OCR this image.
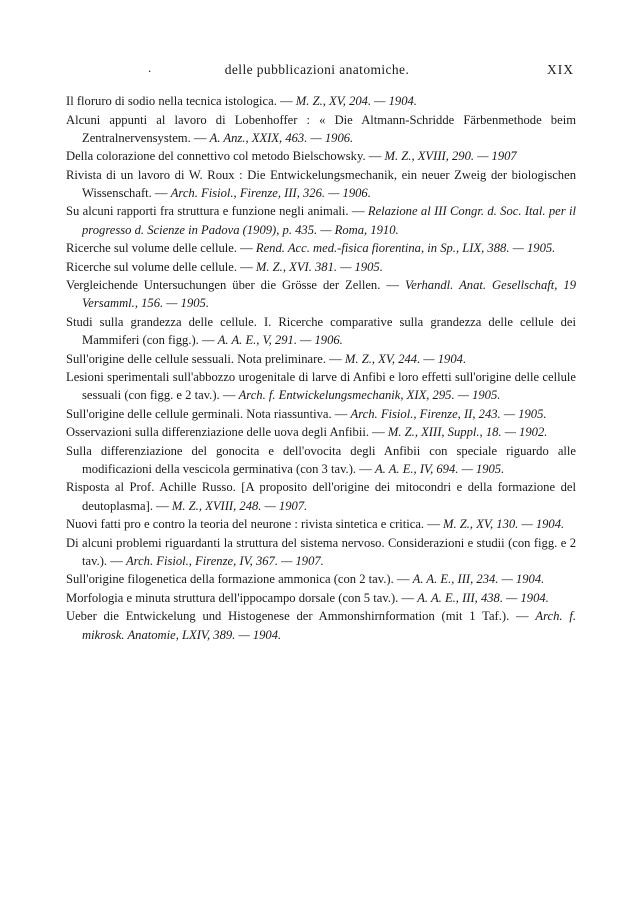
.	delle pubblicazioni anatomiche.	XIX

Il floruro di sodio nella tecnica istologica. — M. Z., XV, 204. — 1904.

Alcuni appunti al lavoro di Lobenhoffer : « Die Altmann-Schridde Färbenmethode beim Zentralnervensystem. — A. Anz., XXIX, 463. — 1906.

Della colorazione del connettivo col metodo Bielschowsky. — M. Z., XVIII, 290. — 1907

Rivista di un lavoro di W. Roux : Die Entwickelungsmechanik, ein neuer Zweig der biologischen Wissenschaft. — Arch. Fisiol., Firenze, III, 326. — 1906.

Su alcuni rapporti fra struttura e funzione negli animali. — Relazione al III Congr. d. Soc. Ital. per il progresso d. Scienze in Padova (1909), p. 435. — Roma, 1910.

Ricerche sul volume delle cellule. — Rend. Acc. med.-fisica fiorentina, in Sp., LIX, 388. — 1905.

Ricerche sul volume delle cellule. — M. Z., XVI. 381. — 1905.

Vergleichende Untersuchungen über die Grösse der Zellen. — Verhandl. Anat. Gesellschaft, 19 Versamml., 156. — 1905.

Studi sulla grandezza delle cellule. I. Ricerche comparative sulla grandezza delle cellule dei Mammiferi (con figg.). — A. A. E., V, 291. — 1906.

Sull'origine delle cellule sessuali. Nota preliminare. — M. Z., XV, 244. — 1904.

Lesioni sperimentali sull'abbozzo urogenitale di larve di Anfibi e loro effetti sull'origine delle cellule sessuali (con figg. e 2 tav.). — Arch. f. Entwickelungsmechanik, XIX, 295. — 1905.

Sull'origine delle cellule germinali. Nota riassuntiva. — Arch. Fisiol., Firenze, II, 243. — 1905.

Osservazioni sulla differenziazione delle uova degli Anfibii. — M. Z., XIII, Suppl., 18. — 1902.

Sulla differenziazione del gonocita e dell'ovocita degli Anfibii con speciale riguardo alle modificazioni della vescicola germinativa (con 3 tav.). — A. A. E., IV, 694. — 1905.

Risposta al Prof. Achille Russo. [A proposito dell'origine dei mitocondri e della formazione del deutoplasma]. — M. Z., XVIII, 248. — 1907.

Nuovi fatti pro e contro la teoria del neurone : rivista sintetica e critica. — M. Z., XV, 130. — 1904.

Di alcuni problemi riguardanti la struttura del sistema nervoso. Considerazioni e studii (con figg. e 2 tav.). — Arch. Fisiol., Firenze, IV, 367. — 1907.

Sull'origine filogenetica della formazione ammonica (con 2 tav.). — A. A. E., III, 234. — 1904.

Morfologia e minuta struttura dell'ippocampo dorsale (con 5 tav.). — A. A. E., III, 438. — 1904.

Ueber die Entwickelung und Histogenese der Ammonshirnformation (mit 1 Taf.). — Arch. f. mikrosk. Anatomie, LXIV, 389. — 1904.
